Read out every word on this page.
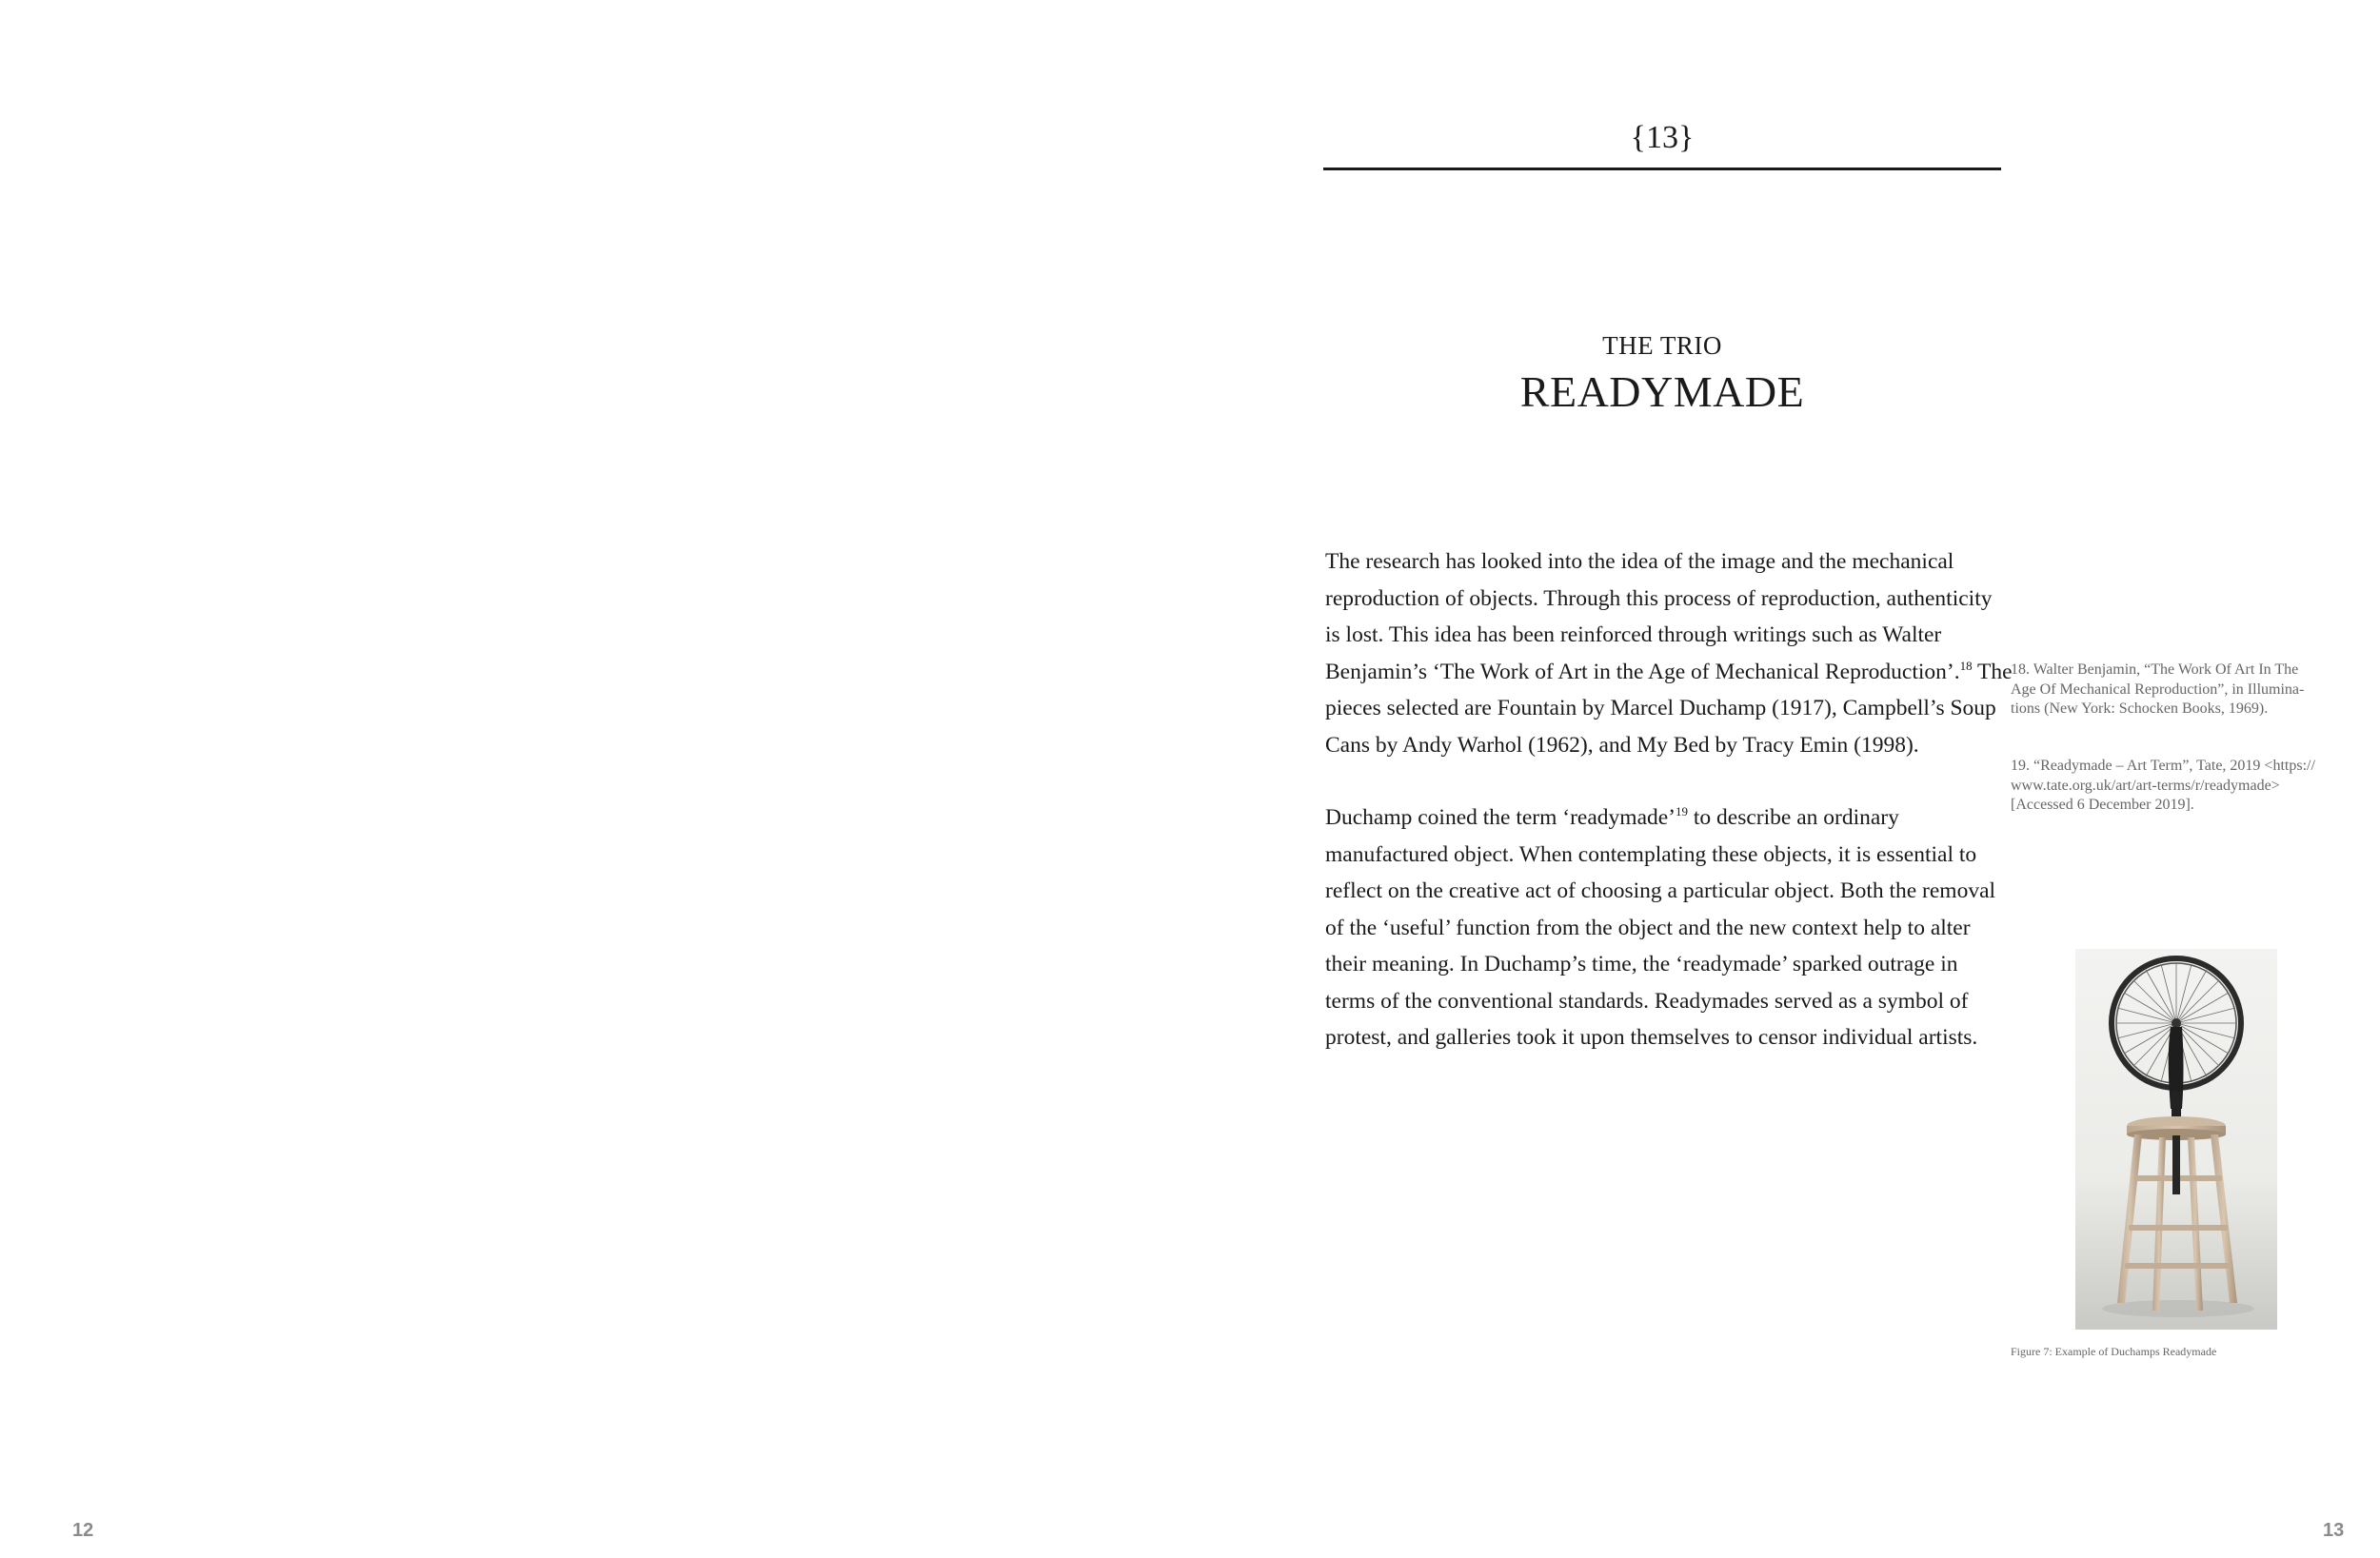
{13}
THE TRIO
READYMADE
The research has looked into the idea of the image and the mechanical
reproduction of objects. Through this process of reproduction, authenticity
is lost. This idea has been reinforced through writings such as Walter
Benjamin’s ‘The Work of Art in the Age of Mechanical Reproduction’.$^{18}$ The
pieces selected are Fountain by Marcel Duchamp (1917), Campbell’s Soup
Cans by Andy Warhol (1962), and My Bed by Tracy Emin (1998).
Duchamp coined the term ‘readymade’$^{19}$ to describe an ordinary
manufactured object. When contemplating these objects, it is essential to
reflect on the creative act of choosing a particular object. Both the removal
of the ‘useful’ function from the object and the new context help to alter
their meaning. In Duchamp’s time, the ‘readymade’ sparked outrage in
terms of the conventional standards. Readymades served as a symbol of
protest, and galleries took it upon themselves to censor individual artists.
18. Walter Benjamin, “The Work Of Art In The
Age Of Mechanical Reproduction”, in Illumina-
tions (New York: Schocken Books, 1969).
19. “Readymade – Art Term”, Tate, 2019 <https://
www.tate.org.uk/art/art-terms/r/readymade>
[Accessed 6 December 2019].
Figure 7: Example of Duchamps Readymade
12	13
